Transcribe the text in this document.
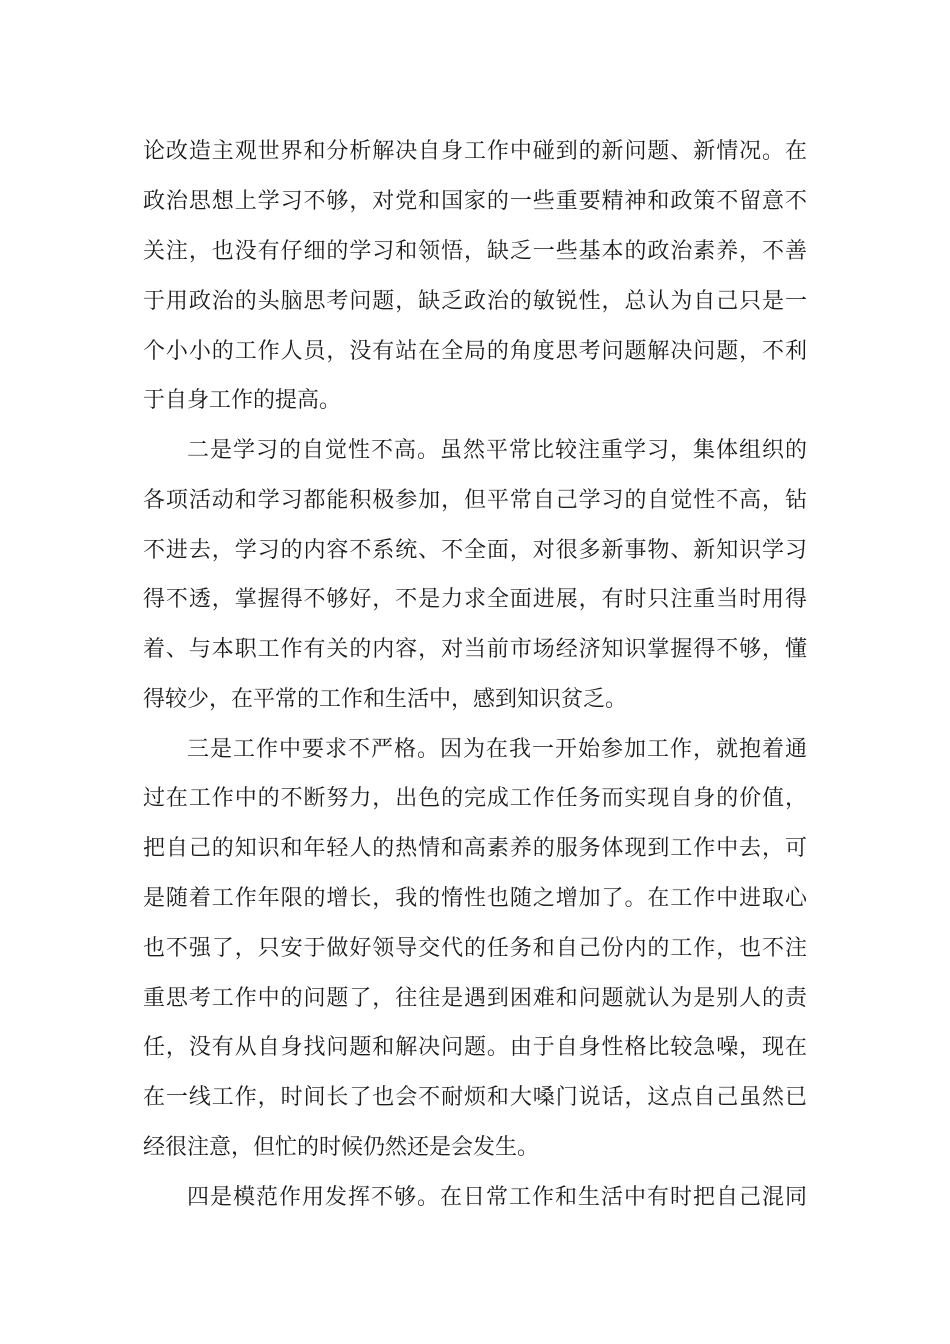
论改造主观世界和分析解决自身工作中碰到的新问题、新情况。在
政治思想上学习不够，对党和国家的一些重要精神和政策不留意不
关注，也没有仔细的学习和领悟，缺乏一些基本的政治素养，不善
于用政治的头脑思考问题，缺乏政治的敏锐性，总认为自己只是一
个小小的工作人员，没有站在全局的角度思考问题解决问题，不利
于自身工作的提高。
二是学习的自觉性不高。虽然平常比较注重学习，集体组织的
各项活动和学习都能积极参加，但平常自己学习的自觉性不高，钻
不进去，学习的内容不系统、不全面，对很多新事物、新知识学习
得不透，掌握得不够好，不是力求全面进展，有时只注重当时用得
着、与本职工作有关的内容，对当前市场经济知识掌握得不够，懂
得较少，在平常的工作和生活中，感到知识贫乏。
三是工作中要求不严格。因为在我一开始参加工作，就抱着通
过在工作中的不断努力，出色的完成工作任务而实现自身的价值，
把自己的知识和年轻人的热情和高素养的服务体现到工作中去，可
是随着工作年限的增长，我的惰性也随之增加了。在工作中进取心
也不强了，只安于做好领导交代的任务和自己份内的工作，也不注
重思考工作中的问题了，往往是遇到困难和问题就认为是别人的责
任，没有从自身找问题和解决问题。由于自身性格比较急噪，现在
在一线工作，时间长了也会不耐烦和大嗓门说话，这点自己虽然已
经很注意，但忙的时候仍然还是会发生。
四是模范作用发挥不够。在日常工作和生活中有时把自己混同
